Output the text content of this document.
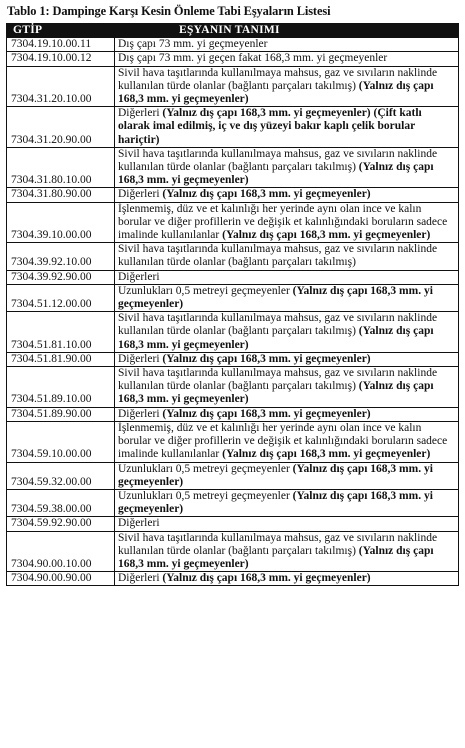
Tablo 1: Dampinge Karşı Kesin Önleme Tabi Eşyaların Listesi
GTİP	EŞYANIN TANIMI
7304.19.10.00.11	Dış çapı 73 mm. yi geçmeyenler
7304.19.10.00.12	Dış çapı 73 mm. yi geçen fakat 168,3 mm. yi geçmeyenler
7304.31.20.10.00	Sivil hava taşıtlarında kullanılmaya mahsus, gaz ve sıvıların naklinde kullanılan türde olanlar (bağlantı parçaları takılmış) (Yalnız dış çapı 168,3 mm. yi geçmeyenler)
7304.31.20.90.00	Diğerleri (Yalnız dış çapı 168,3 mm. yi geçmeyenler) (Çift katlı olarak imal edilmiş, iç ve dış yüzeyi bakır kaplı çelik borular hariçtir)
7304.31.80.10.00	Sivil hava taşıtlarında kullanılmaya mahsus, gaz ve sıvıların naklinde kullanılan türde olanlar (bağlantı parçaları takılmış) (Yalnız dış çapı 168,3 mm. yi geçmeyenler)
7304.31.80.90.00	Diğerleri (Yalnız dış çapı 168,3 mm. yi geçmeyenler)
7304.39.10.00.00	İşlenmemiş, düz ve et kalınlığı her yerinde aynı olan ince ve kalın borular ve diğer profillerin ve değişik et kalınlığındaki boruların sadece imalinde kullanılanlar (Yalnız dış çapı 168,3 mm. yi geçmeyenler)
7304.39.92.10.00	Sivil hava taşıtlarında kullanılmaya mahsus, gaz ve sıvıların naklinde kullanılan türde olanlar (bağlantı parçaları takılmış)
7304.39.92.90.00	Diğerleri
7304.51.12.00.00	Uzunlukları 0,5 metreyi geçmeyenler (Yalnız dış çapı 168,3 mm. yi geçmeyenler)
7304.51.81.10.00	Sivil hava taşıtlarında kullanılmaya mahsus, gaz ve sıvıların naklinde kullanılan türde olanlar (bağlantı parçaları takılmış) (Yalnız dış çapı 168,3 mm. yi geçmeyenler)
7304.51.81.90.00	Diğerleri (Yalnız dış çapı 168,3 mm. yi geçmeyenler)
7304.51.89.10.00	Sivil hava taşıtlarında kullanılmaya mahsus, gaz ve sıvıların naklinde kullanılan türde olanlar (bağlantı parçaları takılmış) (Yalnız dış çapı 168,3 mm. yi geçmeyenler)
7304.51.89.90.00	Diğerleri (Yalnız dış çapı 168,3 mm. yi geçmeyenler)
7304.59.10.00.00	İşlenmemiş, düz ve et kalınlığı her yerinde aynı olan ince ve kalın borular ve diğer profillerin ve değişik et kalınlığındaki boruların sadece imalinde kullanılanlar (Yalnız dış çapı 168,3 mm. yi geçmeyenler)
7304.59.32.00.00	Uzunlukları 0,5 metreyi geçmeyenler (Yalnız dış çapı 168,3 mm. yi geçmeyenler)
7304.59.38.00.00	Uzunlukları 0,5 metreyi geçmeyenler (Yalnız dış çapı 168,3 mm. yi geçmeyenler)
7304.59.92.90.00	Diğerleri
7304.90.00.10.00	Sivil hava taşıtlarında kullanılmaya mahsus, gaz ve sıvıların naklinde kullanılan türde olanlar (bağlantı parçaları takılmış) (Yalnız dış çapı 168,3 mm. yi geçmeyenler)
7304.90.00.90.00	Diğerleri (Yalnız dış çapı 168,3 mm. yi geçmeyenler)
